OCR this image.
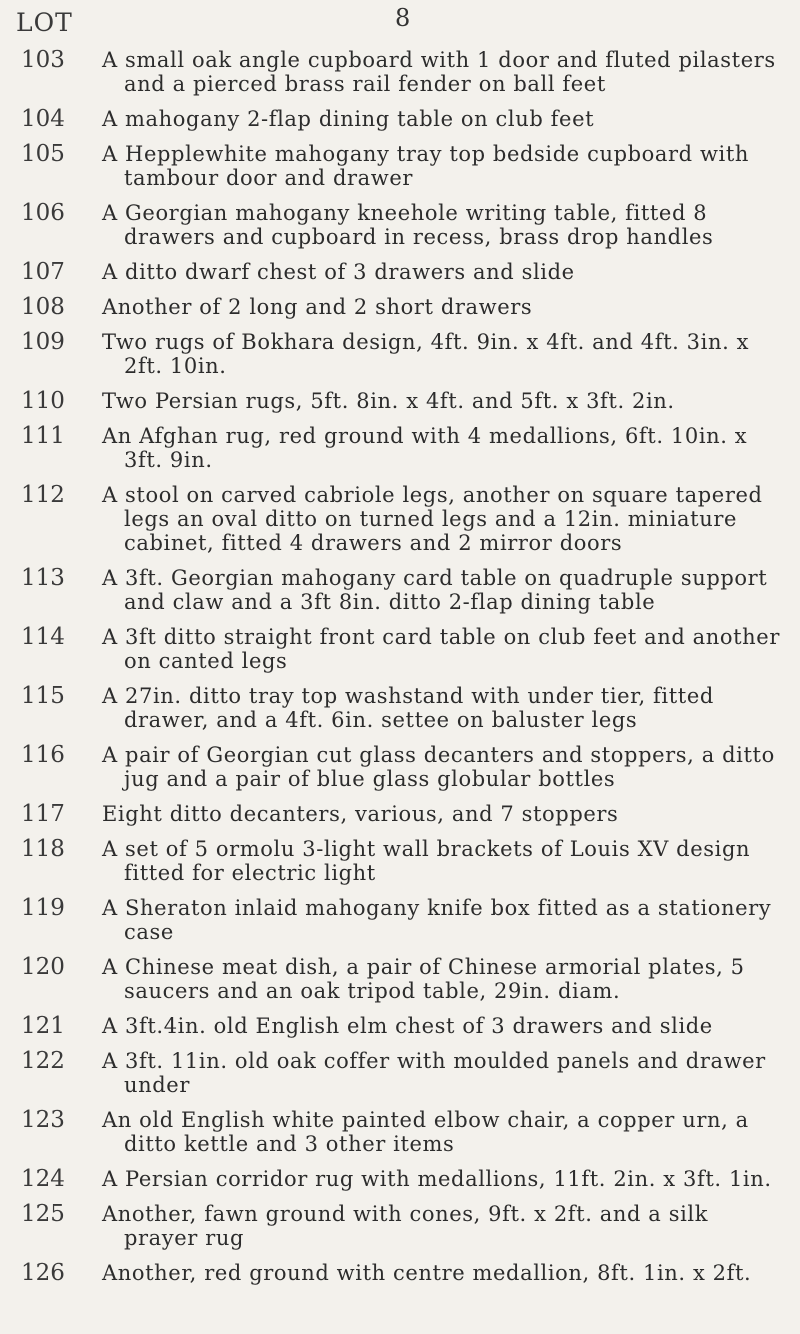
LOT	8
103	A small oak angle cupboard with 1 door and fluted pilasters and a pierced brass rail fender on ball feet
104	A mahogany 2-flap dining table on club feet
105	A Hepplewhite mahogany tray top bedside cupboard with tambour door and drawer
106	A Georgian mahogany kneehole writing table, fitted 8 drawers and cupboard in recess, brass drop handles
107	A ditto dwarf chest of 3 drawers and slide
108	Another of 2 long and 2 short drawers
109	Two rugs of Bokhara design, 4ft. 9in. x 4ft. and 4ft. 3in. x 2ft. 10in.
110	Two Persian rugs, 5ft. 8in. x 4ft. and 5ft. x 3ft. 2in.
111	An Afghan rug, red ground with 4 medallions, 6ft. 10in. x 3ft. 9in.
112	A stool on carved cabriole legs, another on square tapered legs an oval ditto on turned legs and a 12in. miniature cabinet, fitted 4 drawers and 2 mirror doors
113	A 3ft. Georgian mahogany card table on quadruple support and claw and a 3ft 8in. ditto 2-flap dining table
114	A 3ft ditto straight front card table on club feet and another on canted legs
115	A 27in. ditto tray top washstand with under tier, fitted drawer, and a 4ft. 6in. settee on baluster legs
116	A pair of Georgian cut glass decanters and stoppers, a ditto jug and a pair of blue glass globular bottles
117	Eight ditto decanters, various, and 7 stoppers
118	A set of 5 ormolu 3-light wall brackets of Louis XV design fitted for electric light
119	A Sheraton inlaid mahogany knife box fitted as a stationery case
120	A Chinese meat dish, a pair of Chinese armorial plates, 5 saucers and an oak tripod table, 29in. diam.
121	A 3ft.4in. old English elm chest of 3 drawers and slide
122	A 3ft. 11in. old oak coffer with moulded panels and drawer under
123	An old English white painted elbow chair, a copper urn, a ditto kettle and 3 other items
124	A Persian corridor rug with medallions, 11ft. 2in. x 3ft. 1in.
125	Another, fawn ground with cones, 9ft. x 2ft. and a silk prayer rug
126	Another, red ground with centre medallion, 8ft. 1in. x 2ft.
